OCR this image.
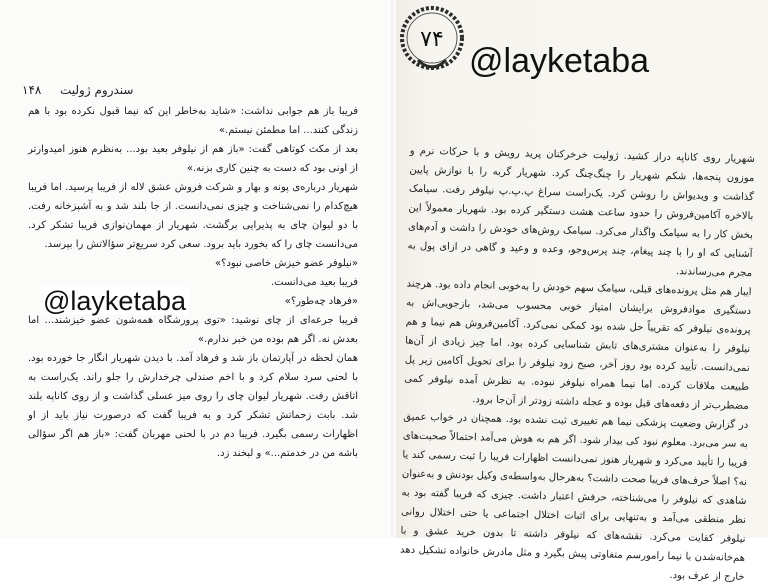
۱۴۸ سندروم ژولیت

فریبا باز هم جوابی نداشت: «شاید به‌خاطر این که نیما قبول نکرده بود با هم زندگی کنند... اما مطمئن نیستم.»

بعد از مکث کوتاهی گفت: «باز هم از نیلوفر بعید بود... به‌نظرم هنوز امیدوارتر از اونی بود که دست به چنین کاری بزنه.»

شهریار درباره‌ی پونه و بهار و شرکت فروش عشق لاله از فریبا پرسید. اما فریبا هیچ‌کدام را نمی‌شناخت و چیزی نمی‌دانست. از جا بلند شد و به آشپزخانه رفت. با دو لیوان چای به پذیرایی برگشت. شهریار از مهمان‌نوازی فریبا تشکر کرد. می‌دانست چای را که بخورد باید برود. سعی کرد سریع‌تر سؤالاتش را بپرسد.

«نیلوفر عضو خیزش خاصی نبود؟»

فریبا بعید می‌دانست.

«فرهاد چه‌طور؟»

فریبا جرعه‌ای از چای نوشید: «توی پرورشگاه همه‌شون عضو خیزشند... اما بعدش نه. اگر هم بوده من خبر ندارم.»

همان لحظه در آپارتمان باز شد و فرهاد آمد. با دیدن شهریار انگار جا خورده بود. با لحنی سرد سلام کرد و با اخم صندلی چرخدارش را جلو راند. یک‌راست به اتاقش رفت. شهریار لیوان چای را روی میز عسلی گذاشت و از روی کاناپه بلند شد. بابت زحماتش تشکر کرد و به فریبا گفت که درصورت نیاز باید از او اظهارات رسمی بگیرد. فریبا دم در با لحنی مهربان گفت: «باز هم اگر سؤالی باشه من در خدمتم...» و لبخند زد.

@layketaba
۷۴
@layketaba

شهریار روی کاناپه دراز کشید. ژولیت خرخرکنان پرید رویش و با حرکات نرم و موزون پنجه‌ها، شکم شهریار را چنگ‌چنگ کرد. شهریار گربه را با نوازش پایین گذاشت و ویدیواش را روشن کرد. یک‌راست سراغ پ.پ.پ نیلوفر رفت. سیامک بالاخره آکامین‌فروش را حدود ساعت هشت دستگیر کرده بود. شهریار معمولاً این بخش کار را به سیامک واگذار می‌کرد. سیامک روش‌های خودش را داشت و آدم‌های آشنایی که او را با چند پیغام، چند پرس‌وجو، وعده و وعید و گاهی در ازای پول به مجرم می‌رساندند.

ایبار هم مثل پرونده‌های قبلی، سیامک سهم خودش را به‌خوبی انجام داده بود. هرچند دستگیری موادفروش برایشان امتیاز خوبی محسوب می‌شد، بازجویی‌اش به پرونده‌ی نیلوفر که تقریباً حل شده بود کمکی نمی‌کرد. آکامین‌فروش هم نیما و هم نیلوفر را به‌عنوان مشتری‌های تابش شناسایی کرده بود. اما چیز زیادی از آن‌ها نمی‌دانست. تأیید کرده بود روز آخر، صبح زود نیلوفر را برای تحویل آکامین زیر پل طبیعت ملاقات کرده. اما نیما همراه نیلوفر نبوده. به نظرش آمده نیلوفر کمی مضطرب‌تر از دفعه‌های قبل بوده و عجله داشته زودتر از آن‌جا برود.

در گزارش وضعیت پزشکی نیما هم تغییری ثبت نشده بود. همچنان در خواب عمیق به سر می‌برد. معلوم نبود کی بیدار شود. اگر هم به هوش می‌آمد احتمالاً صحبت‌های فریبا را تأیید می‌کرد و شهریار هنوز نمی‌دانست اظهارات فریبا را ثبت رسمی کند یا نه؟ اصلاً حرف‌های فریبا صحت داشت؟ به‌هرحال به‌واسطه‌ی وکیل بودنش و به‌عنوان شاهدی که نیلوفر را می‌شناخته، حرفش اعتبار داشت. چیزی که فریبا گفته بود به نظر منطقی می‌آمد و به‌تنهایی برای اثبات اختلال اجتماعی یا حتی اختلال روانی نیلوفر کفایت می‌کرد. نقشه‌های که نیلوفر داشته تا بدون خرید عشق و با هم‌خانه‌شدن با نیما رامورسم متفاوتی پیش بگیرد و مثل مادرش خانواده تشکیل دهد خارج از عرف بود.
